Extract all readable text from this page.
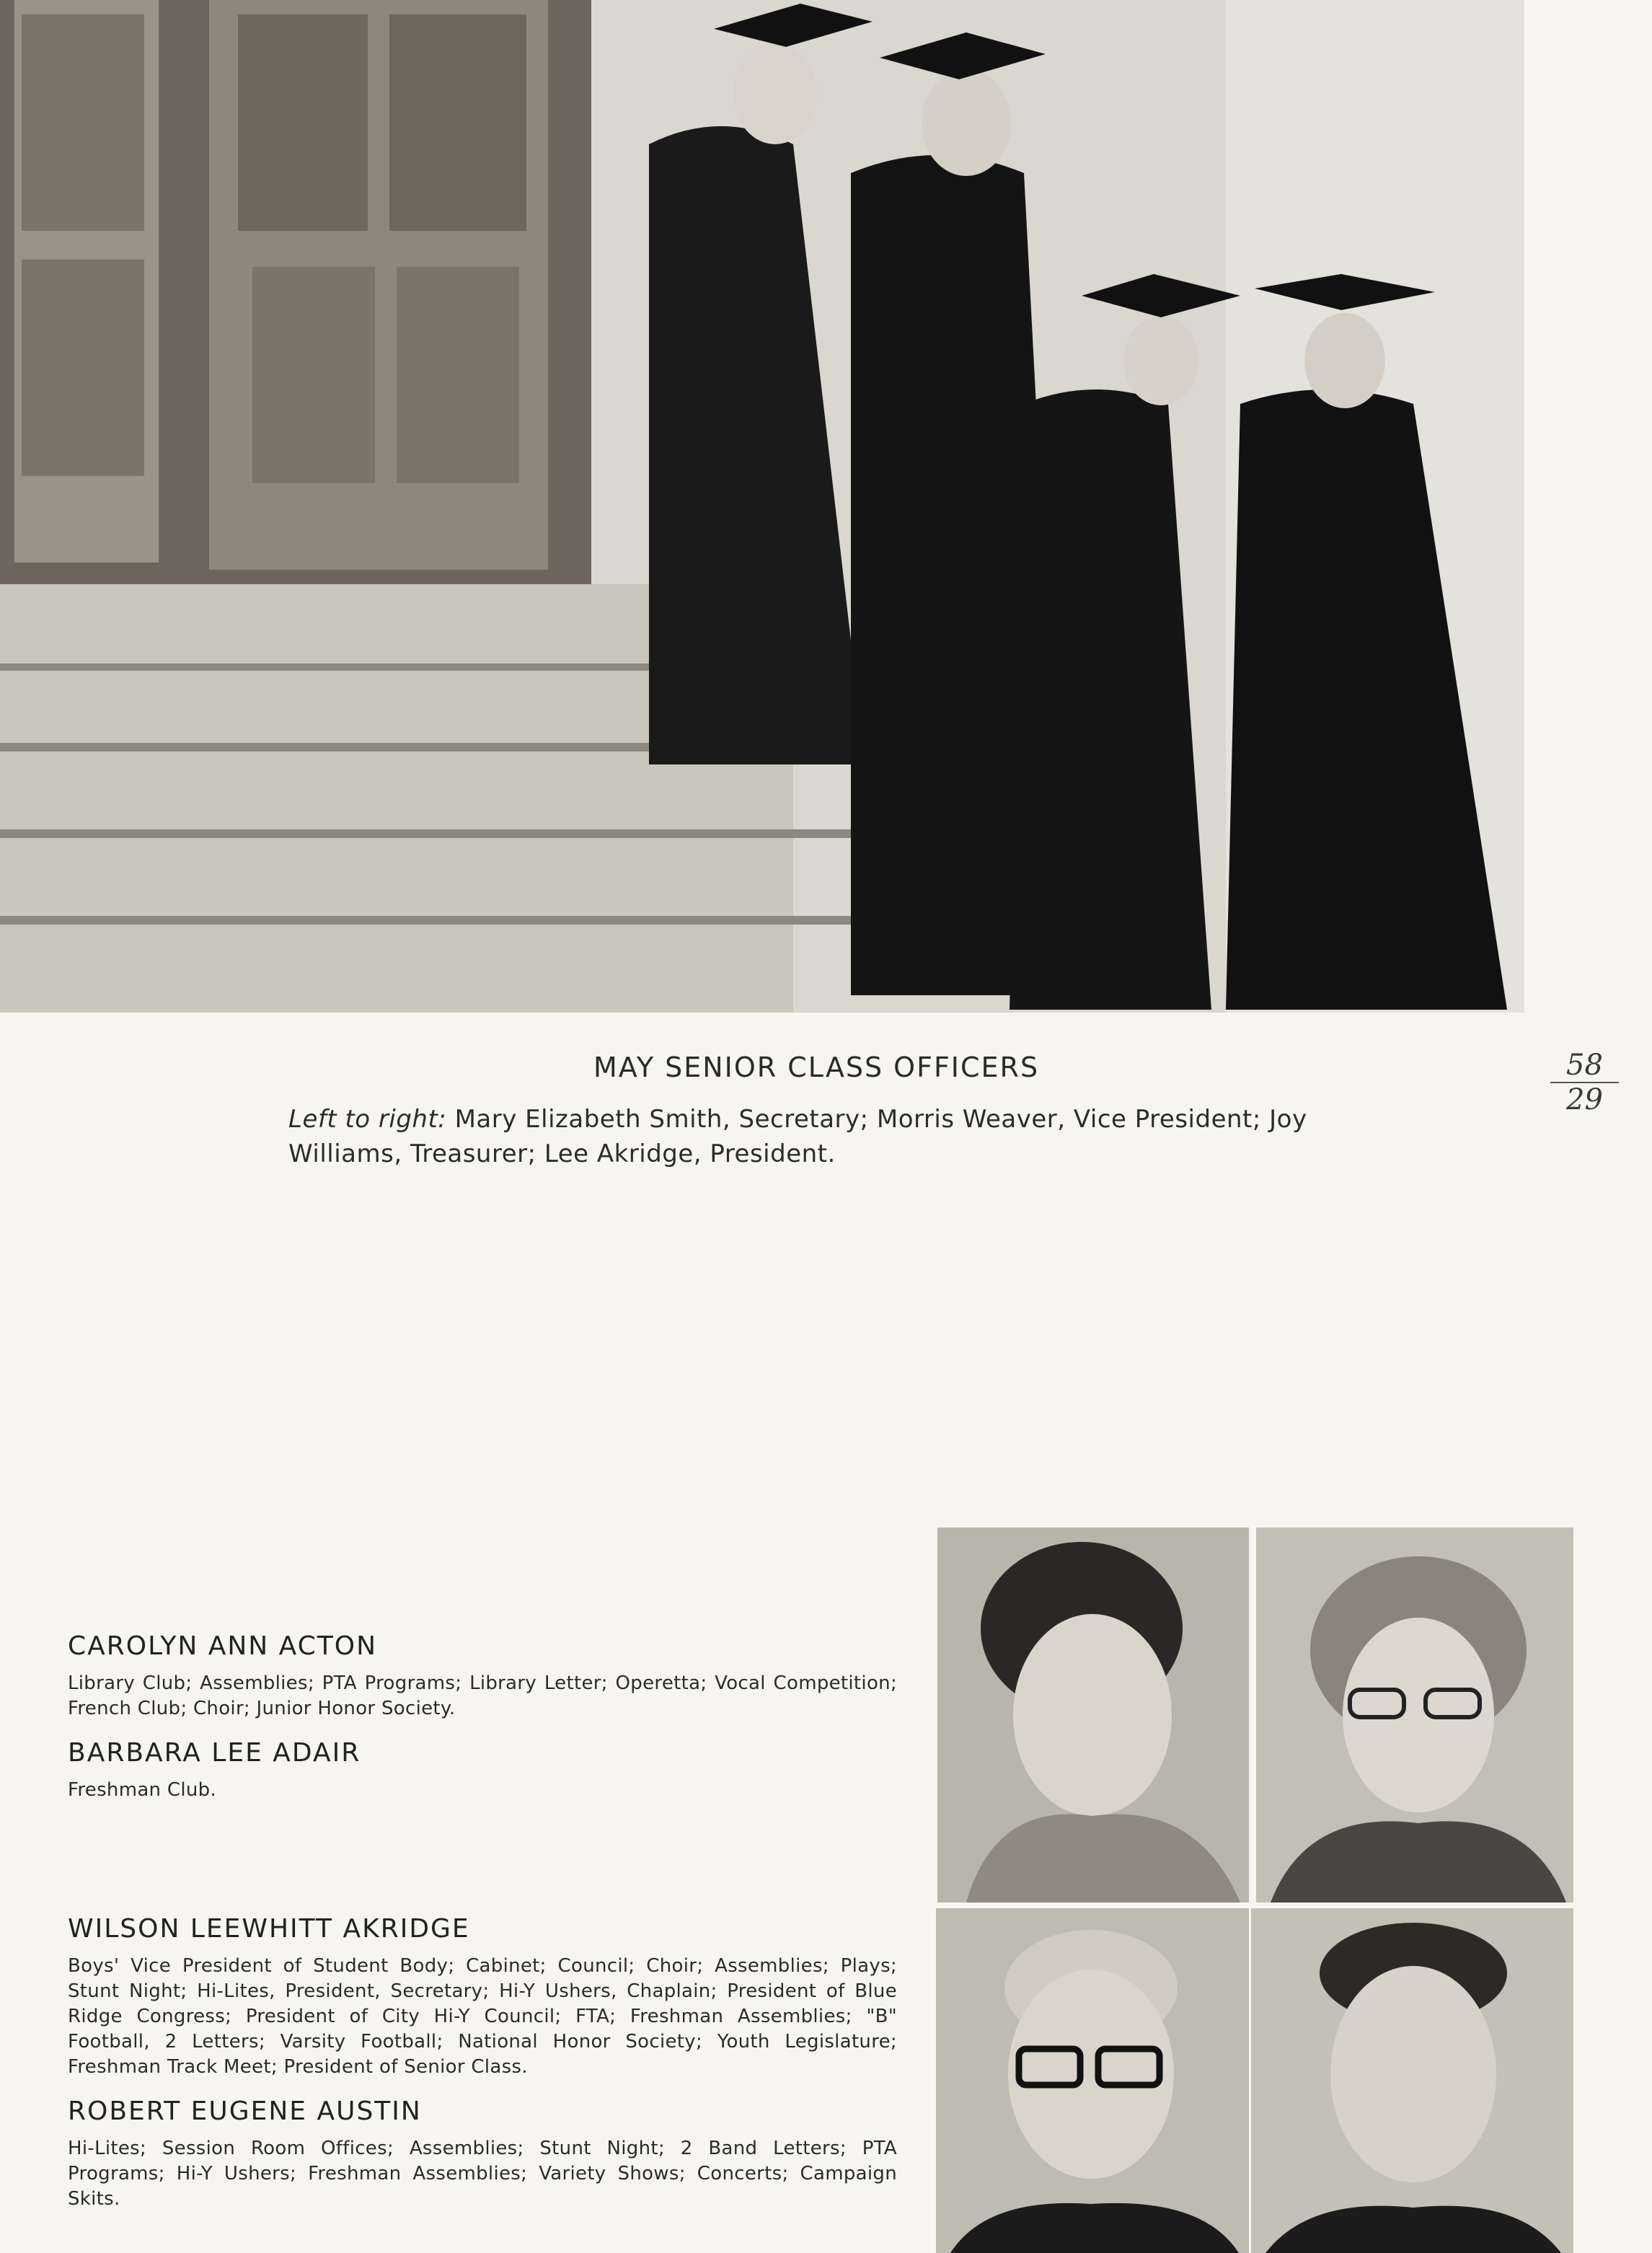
MAY SENIOR CLASS OFFICERS
Left to right: Mary Elizabeth Smith, Secretary; Morris Weaver, Vice President; Joy Williams, Treasurer; Lee Akridge, President.
58
29
CAROLYN ANN ACTON
Library Club; Assemblies; PTA Programs; Library Letter; Operetta; Vocal Competition; French Club; Choir; Junior Honor Society.
BARBARA LEE ADAIR
Freshman Club.
WILSON LEEWHITT AKRIDGE
Boys' Vice President of Student Body; Cabinet; Council; Choir; Assemblies; Plays; Stunt Night; Hi-Lites, President, Secretary; Hi-Y Ushers, Chaplain; President of Blue Ridge Congress; President of City Hi-Y Council; FTA; Freshman Assemblies; "B" Football, 2 Letters; Varsity Football; National Honor Society; Youth Legislature; Freshman Track Meet; President of Senior Class.
ROBERT EUGENE AUSTIN
Hi-Lites; Session Room Offices; Assemblies; Stunt Night; 2 Band Letters; PTA Programs; Hi-Y Ushers; Freshman Assemblies; Variety Shows; Concerts; Campaign Skits.
